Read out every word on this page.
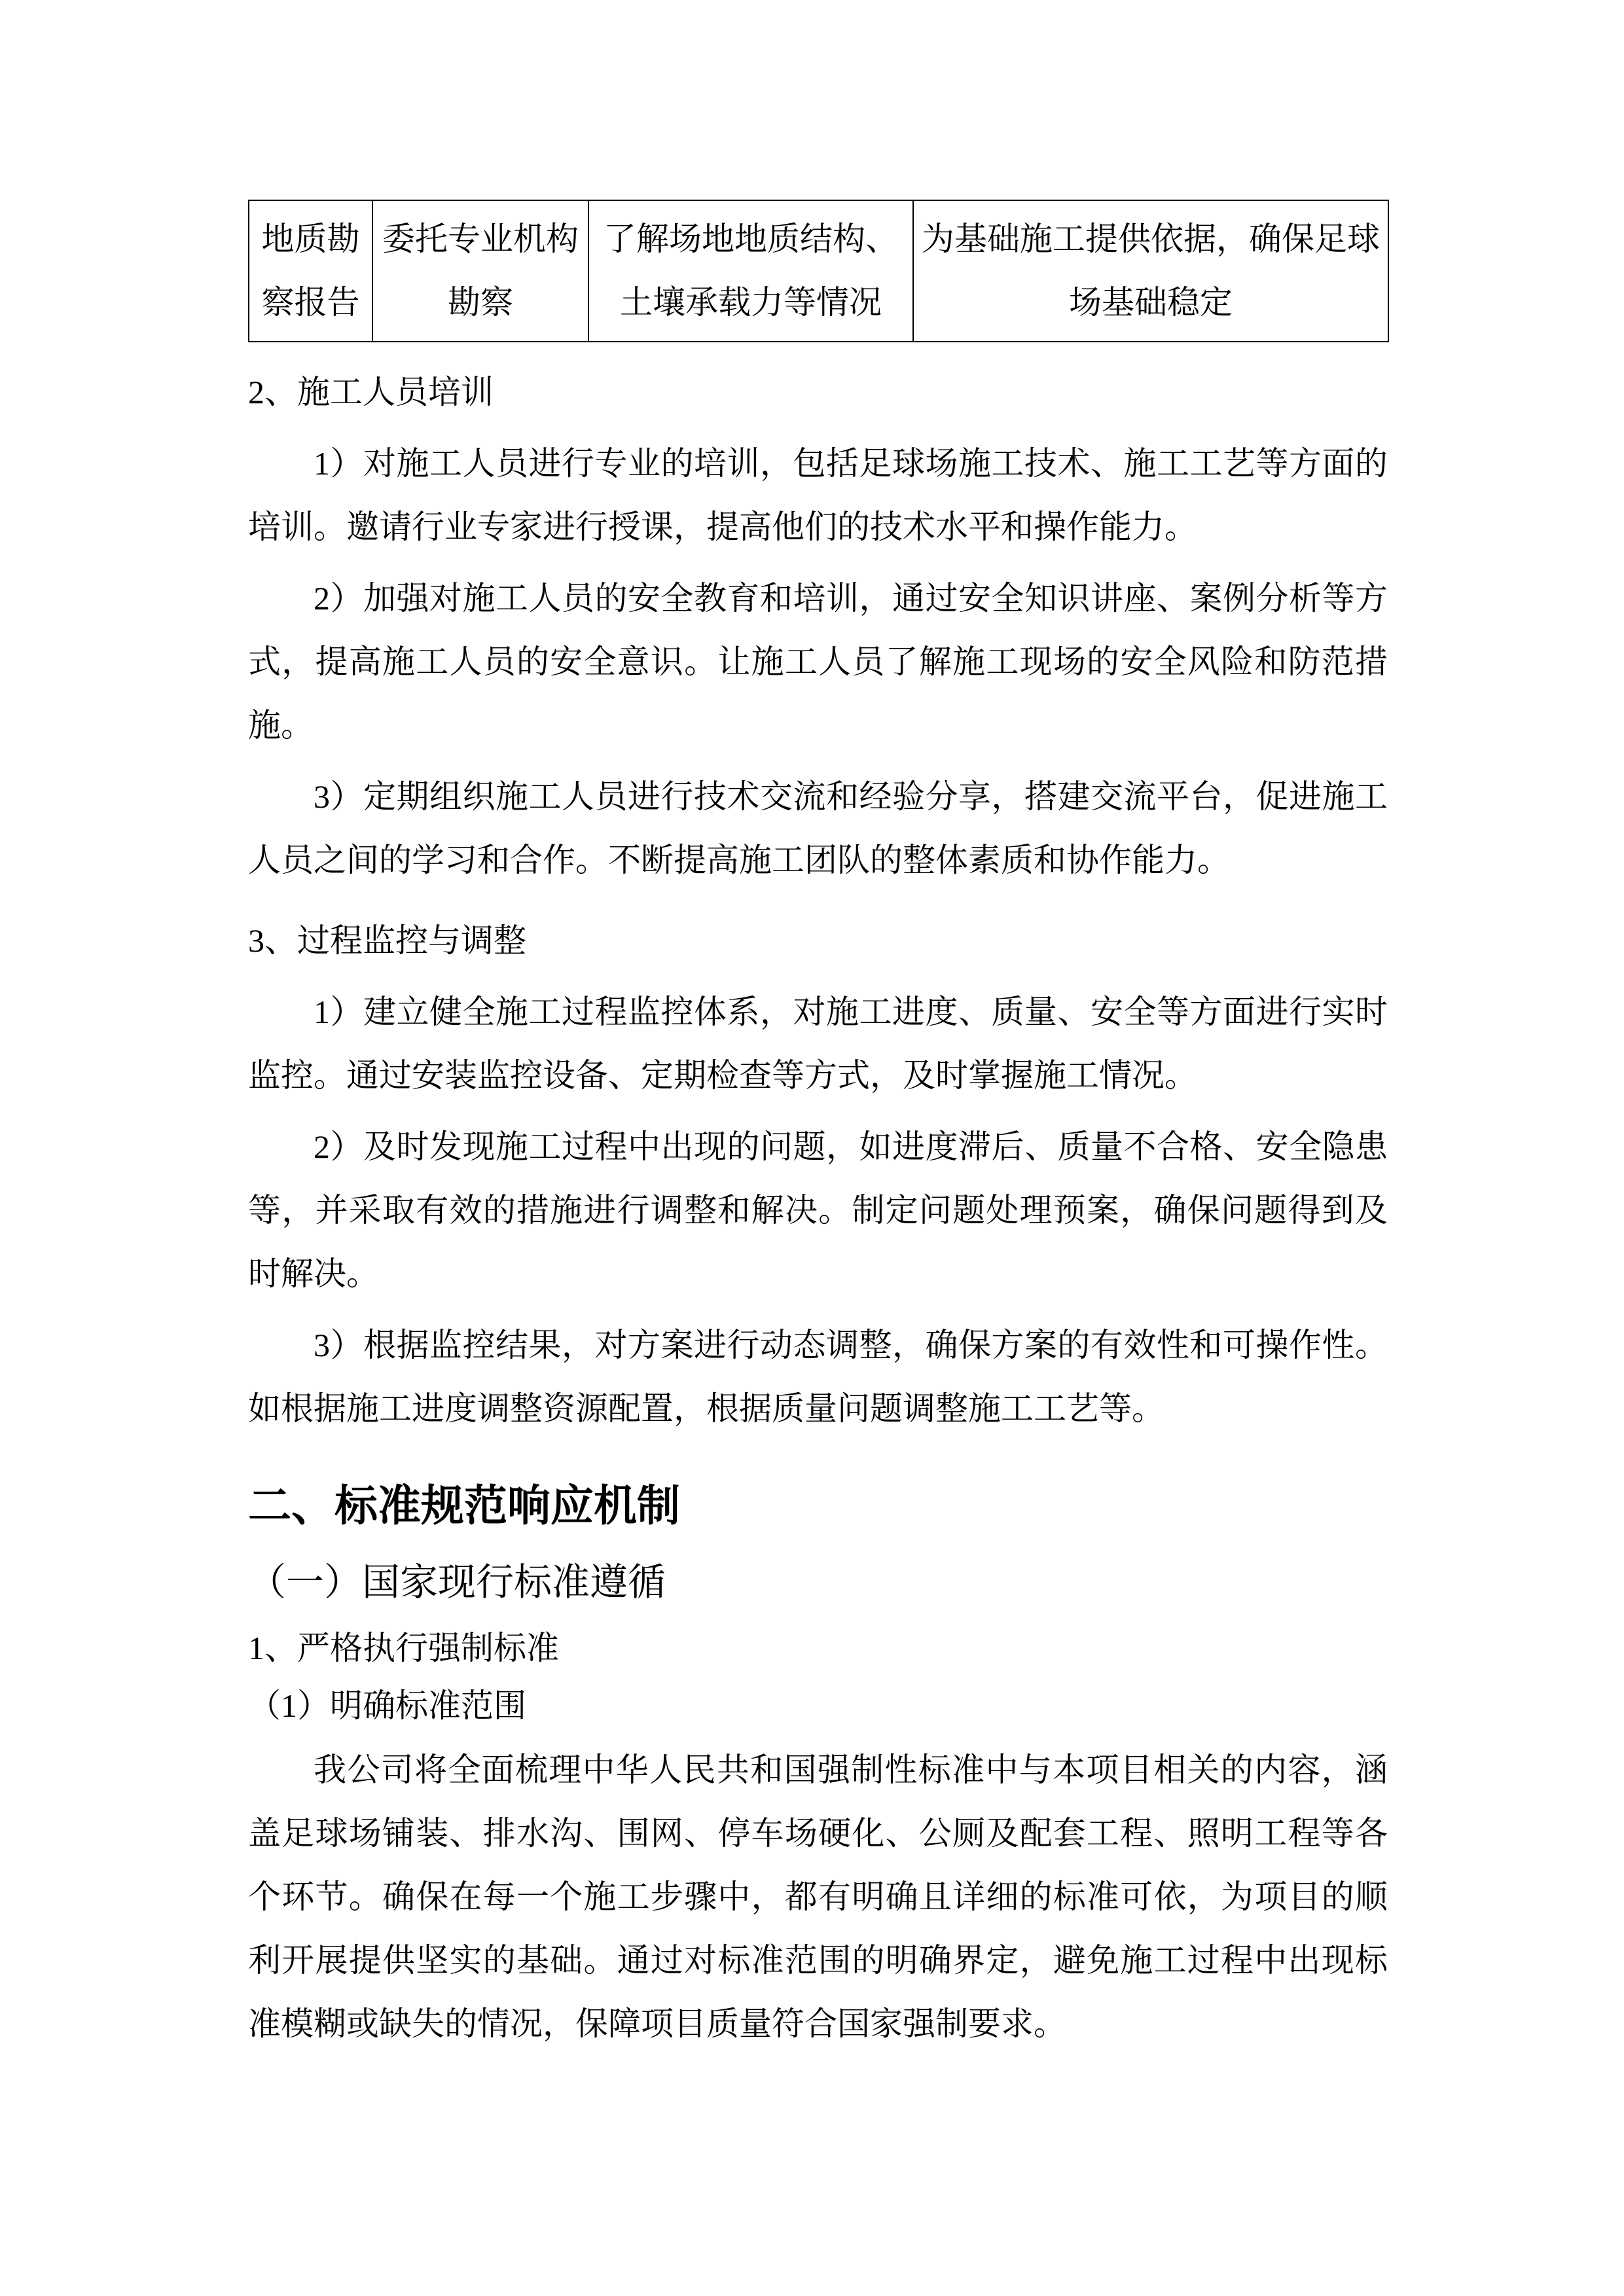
地质勘察报告	委托专业机构勘察	了解场地地质结构、土壤承载力等情况	为基础施工提供依据，确保足球场基础稳定

2、施工人员培训

1）对施工人员进行专业的培训，包括足球场施工技术、施工工艺等方面的培训。邀请行业专家进行授课，提高他们的技术水平和操作能力。

2）加强对施工人员的安全教育和培训，通过安全知识讲座、案例分析等方式，提高施工人员的安全意识。让施工人员了解施工现场的安全风险和防范措施。

3）定期组织施工人员进行技术交流和经验分享，搭建交流平台，促进施工人员之间的学习和合作。不断提高施工团队的整体素质和协作能力。

3、过程监控与调整

1）建立健全施工过程监控体系，对施工进度、质量、安全等方面进行实时监控。通过安装监控设备、定期检查等方式，及时掌握施工情况。

2）及时发现施工过程中出现的问题，如进度滞后、质量不合格、安全隐患等，并采取有效的措施进行调整和解决。制定问题处理预案，确保问题得到及时解决。

3）根据监控结果，对方案进行动态调整，确保方案的有效性和可操作性。如根据施工进度调整资源配置，根据质量问题调整施工工艺等。

二、标准规范响应机制

（一）国家现行标准遵循

1、严格执行强制标准

（1）明确标准范围

我公司将全面梳理中华人民共和国强制性标准中与本项目相关的内容，涵盖足球场铺装、排水沟、围网、停车场硬化、公厕及配套工程、照明工程等各个环节。确保在每一个施工步骤中，都有明确且详细的标准可依，为项目的顺利开展提供坚实的基础。通过对标准范围的明确界定，避免施工过程中出现标准模糊或缺失的情况，保障项目质量符合国家强制要求。
